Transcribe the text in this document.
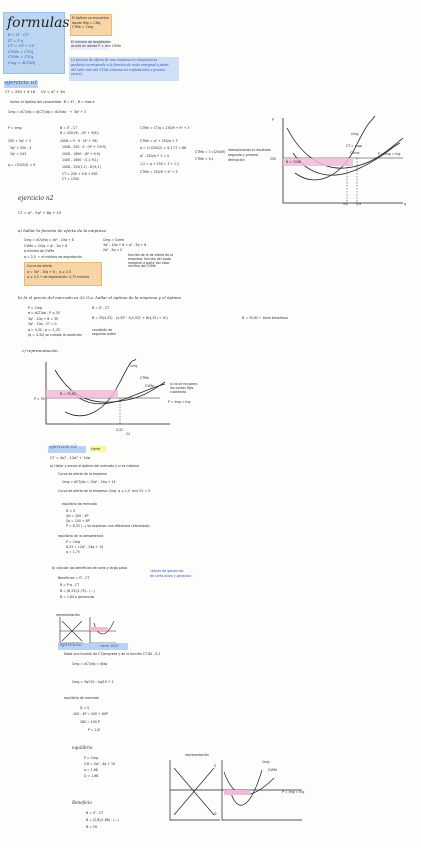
formulas
B = IT - CT
IT = P·q
CT = CF + CV
CTMe = CT/q
CVMe = CV/q
Cmg = dCT/dq
El óptimo se encuentra
donde IMg = CMg
CTMe = Cmg
El mínimo de explotación
ocurre en donde P = min CVMe
La función de oferta de una empresa en competencia
perfecta corresponde a la función de costo marginal a partir
del valor min del CVMe (mínimo de explotación) o precios
cierre)
ejercicio n1
CT = 250 + 4·16     CV = q³ + 3q
hallar: el óptimo del consumidor  B = 4T - B = max π
Cmg = dCT/dq = d(CT)/dq = dCV/dq   →  3q² + 3
P = cmg
250 + 3q² + 3
3q² = 250 - 3
3q² = 243
q = √(243/3) = 9
B = IT - CT
B = 250·(9) - (9³ + 3(9))
1008 = 9 · 9 · (9³ + 39)
1008 - 250 · 9 · (9³ + 3·9·9)
1008 - 1600 · (8² + 9·9)
1400 - 1600 · (1,1·9,1)
1008 - 250(1,1) - 8·(9,1)
CT = 250 + 9·8 + 930
CT = 1350
CTMe = CT/q = 250/9 + 9² + 3
CTMe = q² + 250/q + 3
q = 2√(250/2) = 9,1 CT = 88
q² - 250/q + 3 = 0
1:2 = q + 250 = 3 + 1,1
CTMe = 250/9 + 9² + 3
CTMe = 1·√(250/9)
CTMe = 9,1
reemplazando el resultado
segunda y primera
derivación
P
Cmg
CT = mgp
CVme
250
B = 1008
9,6 9,9	q
P = Img = Ing
ejercicio n2
CT = q³ - 5q² + 8q + 10
a) hallar la función de oferta de la empresa
Cmg = dCV/dq = 3q² - 10q + 8
CVMe = CV/q = q² - 5q + 8
q mínimo de CVMe
q = 2,5  ← el mínimo de explotación
Cmg = Cvme
3q² - 10q + 8 = q² - 5q + 8
2q² - 5q = 0
función de la de oferta de la
empresa: función del costo
marginal a partir del valor
mínimo del CVMe
Curva de oferta
q = 3q² - 10q + 8 ;  q ≥ 2,5
q ≥ 2,5 → de exploración: 5,75 mínimo
b) Si el precio del mercado es 35 G.a. hallar el óptimo de la empresa y el óptimo
P = Cmg
π = dCT/dq - P ≤ 35
3q² - 10q + 8 = 35
3q² - 10q - 27 = 0
q = 4,32 ; q = -1,33
(q = 4,32) se cumple la condición
B = IT - CT
B = 35(4,32) - (4,32³ - 5(4,32)² + 8(4,32) + 10)	B = 35,62 ← tiene beneficios
condición de
segundo orden
c) representación
Cmg
CTMe
CVMe
P = 35
B = 35,62
4,32
24
P = Img = Ing
si no se recupera
los costos fijos
cubriendo
ejercicio n3	cierre
CT = 4q³ - 12q² + 14q
a) Hallar y precio el óptimo del mercado y si es máximo
Curva de oferta de la empresa
Cmg = dCT/dq = 12q² - 24q + 14
Curva de oferta de la empresa: Cmg  q ≥ 1,5  min CV = 5
equilibrio de mercado
D = S
Qd = 200 - 4P
Qs = 100 + 8P
P = 8,33 (...) se expresan una diferencia (eliminado)
equilibrio de la competencia
P = Cmg
8,33 = 12q² - 24q + 14
q = 1,75
b) calcular los beneficios de corto y largo plazo
Beneficios = IT - CT
B = P·q - CT
B = (8,33)(1,75) - (...)
B = 1,84 o ganancias
cálculo de ganancias
de corto plazo y ganancia
representación
ejercicio	cierre 2023
Dada una función de CT/empresa y de la función CT 80 - 0,2
Cmg = dCT/dq = d/dq
Cmg = 3q²/10 - 4q/10 + 1
equilibrio de mercado
D = S
-100 - 4P = 200 + 80P
280 = 100 P
P = 2,8
equilibrio
P = Cmg
2,8 = 3q² - 4q + 10
q = 1,68
Q = 1,68
Beneficio
B = IT - CT
B = (2,8)(1,68) - (...)
B = 29
representación
Cmg
CVMe
P = Img = Ing
S
D
